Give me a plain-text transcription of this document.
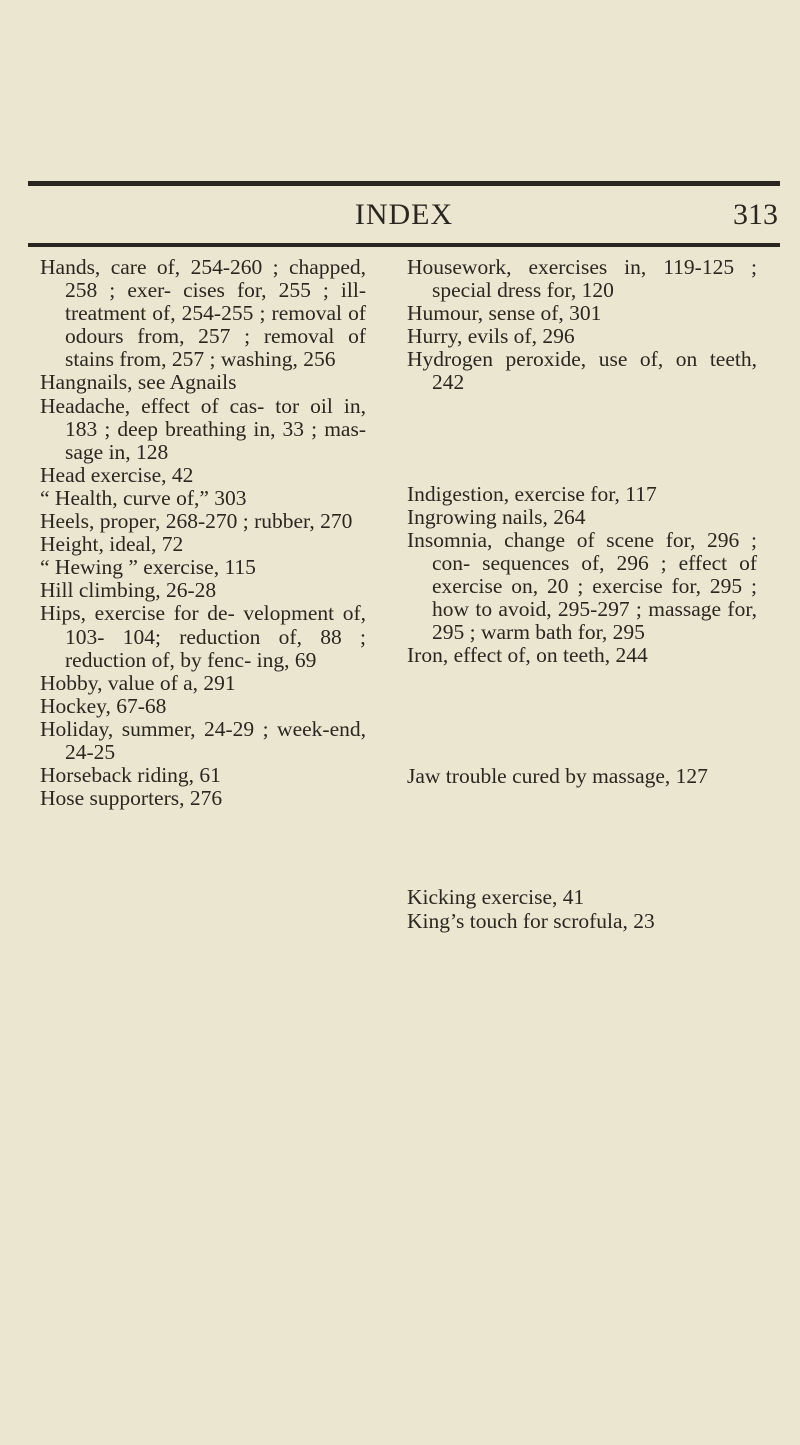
INDEX	313
Hands, care of, 254-260 ; chapped, 258 ; exer- cises for, 255 ; ill- treatment of, 254-255 ; removal of odours from, 257 ; removal of stains from, 257 ; washing, 256
Hangnails, see Agnails
Headache, effect of cas- tor oil in, 183 ; deep breathing in, 33 ; mas- sage in, 128
Head exercise, 42
“ Health, curve of,” 303
Heels, proper, 268-270 ; rubber, 270
Height, ideal, 72
“ Hewing ” exercise, 115
Hill climbing, 26-28
Hips, exercise for de- velopment of, 103- 104; reduction of, 88 ; reduction of, by fenc- ing, 69
Hobby, value of a, 291
Hockey, 67-68
Holiday, summer, 24-29 ; week-end, 24-25
Horseback riding, 61
Hose supporters, 276
Housework, exercises in, 119-125 ; special dress for, 120
Humour, sense of, 301
Hurry, evils of, 296
Hydrogen peroxide, use of, on teeth, 242
Indigestion, exercise for, 117
Ingrowing nails, 264
Insomnia, change of scene for, 296 ; con- sequences of, 296 ; effect of exercise on, 20 ; exercise for, 295 ; how to avoid, 295-297 ; massage for, 295 ; warm bath for, 295
Iron, effect of, on teeth, 244
Jaw trouble cured by massage, 127
Kicking exercise, 41
King’s touch for scrofula, 23
